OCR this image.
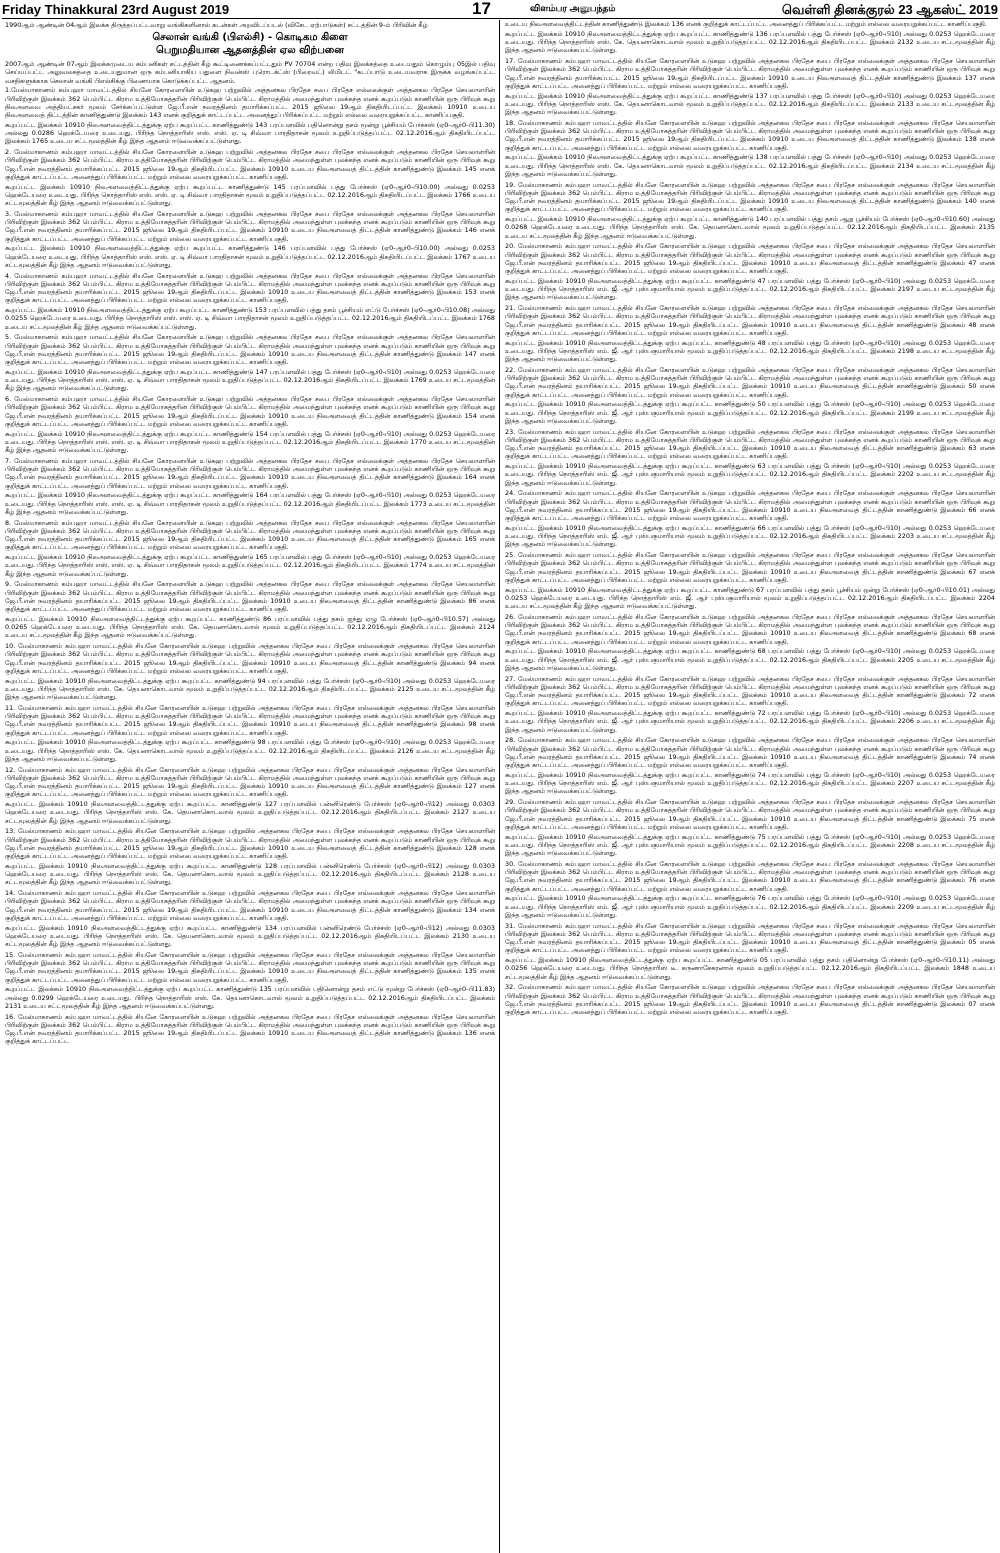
Friday Thinakkural 23rd August 2019	17	விளம்பர அனுபந்தம்	வெள்ளி தினக்குரல் 23 ஆகஸ்ட் 2019
1990ஆம் ஆண்டின் 04ஆம் இலக்க திருத்தப்பட்டவாறு வங்கிகளினால் கடன்கள் அறவிடப்படல் (விசேட ஏற்பாடுகள்) சட்டத்தின் 9-ம் பிரிவின் கீழ்
செலான் வங்கி (பிஎல்சி) - கொடிகம கிளை
பெறுமதியான ஆதனத்தின் ஏல விற்பனை
2007ஆம் ஆண்டின் 07ஆம் இலக்கமுடைய கம்பனிகள் சட்டத்தின் கீழ் கூட்டிணைக்கப்பட்டதும் PV 70704 என்ற பதிவு இலக்கத்தை உடையதும் கொழும்பு 05இல் பதிவு செய்யப்பட்ட அலுவலகத்தை உடையதுமான ஒரு கம்பனியாகிய பதுளை நிவன்ஸ் புரொடக்ட்ஸ் (பிரைவட்) லிமிடட் "கடப்பாடு உடையவராக இருக்க வழங்கப்பட்ட வசதிகளுக்காக செலான் வங்கி பிஎல்சிக்கு பிணையாக கொடுக்கப்பட்ட ஆதனம்.
1.மேல்மாகாணம் கம்பஹா மாவட்டத்தில் சியனே கோரளையின் உடுகஹ பற்றுவில் அத்தனகல பிரதேச சபை பிரதேச எல்லைக்குள் அத்தனகல பிரதேச செயலாளரின் பிரிவிற்குள் இலக்கம் 362 பெம்பிட்ட கிராம உத்தியோகத்தரின் பிரிவிற்குள் பெம்பிட்ட கிராமத்தில் அமைந்துள்ள புலக்கந்த எனக் கூறப்படும் காணியின் ஒரு பிரிவுக் கூறு நிலஅளவை அத்தியட்சகர் மூலம் சேர்க்கப்பட்டுள்ள ஜே.பீ.என் நவரத்தினம் தயாரிக்கப்பட்ட 2015 ஜூலை 19ஆம் திகதியிடப்பட்ட இலக்கம் 10910 உடைய நிலஅளவைத் திட்டத்தின் காணித்துண்டு இலக்கம் 143 எனக் குறித்துக் காட்டப்பட்ட அனைத்துப் பிரிக்கப்பட்ட மற்றும் எல்லை வரையறுக்கப்பட்ட காணிப்பகுதி.
கூறப்பட்ட இலக்கம் 10910 நிலஅளவைத்திட்டத்துக்கு ஏற்ப கூறப்பட்ட காணித்துண்டு 143 பரப்பளவில் பதினொன்று தசம் மூன்று பூச்சியம் பேர்ச்சஸ் (ஏ0-ஆர்0-பி11.30) அல்லது 0.0286 ஹெக்டேயரை உடையது. பிரிந்த நொத்தாரிஸ் எஸ். எஸ். ஏ. டி சிவ்வா பாரதிதாசன் மூலம் உறுதிப்படுத்தப்பட்ட 02.12.2016ஆம் திகதியிடப்பட்ட இலக்கம் 1765 உடைய சட்டமூலத்தின் கீழ் இந்த ஆதனம் ஈடுவைக்கப்பட்டுள்ளது.
2. மேல்மாகாணம் கம்பஹா மாவட்டத்தில் சியனே கோரளையின் உடுகஹ பற்றுவில் அத்தனகல பிரதேச சபை பிரதேச எல்லைக்குள் அத்தனகல பிரதேச செயலாளரின் பிரிவிற்குள் இலக்கம் 362 பெம்பிட்ட கிராம உத்தியோகத்தரின் பிரிவிற்குள் பெம்பிட்ட கிராமத்தில் அமைந்துள்ள புலக்கந்த எனக் கூறப்படும் காணியின் ஒரு பிரிவுக் கூறு ஜே.பீ.என் நவரத்தினம் தயாரிக்கப்பட்ட 2015 ஜூலை 19ஆம் திகதியிடப்பட்ட இலக்கம் 10910 உடைய நிலஅளவைத் திட்டத்தின் காணித்துண்டு இலக்கம் 145 எனக் குறித்துக் காட்டப்பட்ட அனைத்துப் பிரிக்கப்பட்ட மற்றும் எல்லை வரையறுக்கப்பட்ட காணிப்பகுதி.
கூறப்பட்ட இலக்கம் 10910 நிலஅளவைத்திட்டத்துக்கு ஏற்ப கூறப்பட்ட காணித்துண்டு 145 பரப்பளவில் பத்து பேர்ச்சஸ் (ஏ0-ஆர்0-பி10.00) அல்லது 0.0253 ஹெக்டேயரை உடையது. பிரிந்த நொத்தாரிஸ் எஸ். எஸ். ஏ. டி சிவ்வா பாரதிதாசன் மூலம் உறுதிப்படுத்தப்பட்ட 02.12.2016ஆம் திகதியிடப்பட்ட இலக்கம் 1766 உடைய சட்டமூலத்தின் கீழ் இந்த ஆதனம் ஈடுவைக்கப்பட்டுள்ளது.
3. மேல்மாகாணம் கம்பஹா மாவட்டத்தில் சியனே கோரளையின் உடுகஹ பற்றுவில் அத்தனகல பிரதேச சபை பிரதேச எல்லைக்குள் அத்தனகல பிரதேச செயலாளரின் பிரிவிற்குள் இலக்கம் 362 பெம்பிட்ட கிராம உத்தியோகத்தரின் பிரிவிற்குள் பெம்பிட்ட கிராமத்தில் அமைந்துள்ள புலக்கந்த எனக் கூறப்படும் காணியின் ஒரு பிரிவுக் கூறு ஜே.பீ.என் நவரத்தினம் தயாரிக்கப்பட்ட 2015 ஜூலை 19ஆம் திகதியிடப்பட்ட இலக்கம் 10910 உடைய நிலஅளவைத் திட்டத்தின் காணித்துண்டு இலக்கம் 146 எனக் குறித்துக் காட்டப்பட்ட அனைத்துப் பிரிக்கப்பட்ட மற்றும் எல்லை வரையறுக்கப்பட்ட காணிப்பகுதி.
கூறப்பட்ட இலக்கம் 10910 நிலஅளவைத்திட்டத்துக்கு ஏற்ப கூறப்பட்ட காணித்துண்டு 146 பரப்பளவில் பத்து பேர்ச்சஸ் (ஏ0-ஆர்0-பி10.00) அல்லது 0.0253 ஹெக்டேயரை உடையது. பிரிந்த நொத்தாரிஸ் எஸ். எஸ். ஏ. டி சிவ்வா பாரதிதாசன் மூலம் உறுதிப்படுத்தப்பட்ட 02.12.2016ஆம் திகதியிடப்பட்ட இலக்கம் 1767 உடைய சட்டமூலத்தின் கீழ் இந்த ஆதனம் ஈடுவைக்கப்பட்டுள்ளது.
4. மேல்மாகாணம் கம்பஹா மாவட்டத்தில் சியனே கோரளையின் உடுகஹ பற்றுவில் அத்தனகல பிரதேச சபை பிரதேச எல்லைக்குள் அத்தனகல பிரதேச செயலாளரின் பிரிவிற்குள் இலக்கம் 362 பெம்பிட்ட கிராம உத்தியோகத்தரின் பிரிவிற்குள் பெம்பிட்ட கிராமத்தில் அமைந்துள்ள புலக்கந்த எனக் கூறப்படும் காணியின் ஒரு பிரிவுக் கூறு ஜே.பீ.என் நவரத்தினம் தயாரிக்கப்பட்ட 2015 ஜூலை 19ஆம் திகதியிடப்பட்ட இலக்கம் 10910 உடைய நிலஅளவைத் திட்டத்தின் காணித்துண்டு இலக்கம் 153 எனக் குறித்துக் காட்டப்பட்ட அனைத்துப் பிரிக்கப்பட்ட மற்றும் எல்லை வரையறுக்கப்பட்ட காணிப்பகுதி.
கூறப்பட்ட இலக்கம் 10910 நிலஅளவைத்திட்டத்துக்கு ஏற்ப கூறப்பட்ட காணித்துண்டு 153 பரப்பளவில் பத்து தசம் பூச்சியம் எட்டு பேர்ச்சஸ் (ஏ0-ஆர்0-பி10.08) அல்லது 0.0255 ஹெக்டேயரை உடையது. பிரிந்த நொத்தாரிஸ் எஸ். எஸ். ஏ. டி சிவ்வா பாரதிதாசன் மூலம் உறுதிப்படுத்தப்பட்ட 02.12.2016ஆம் திகதியிடப்பட்ட இலக்கம் 1768 உடைய சட்டமூலத்தின் கீழ் இந்த ஆதனம் ஈடுவைக்கப்பட்டுள்ளது.
5. மேல்மாகாணம் கம்பஹா மாவட்டத்தில் சியனே கோரளையின் உடுகஹ பற்றுவில் அத்தனகல பிரதேச சபை பிரதேச எல்லைக்குள் அத்தனகல பிரதேச செயலாளரின் பிரிவிற்குள் இலக்கம் 362 பெம்பிட்ட கிராம உத்தியோகத்தரின் பிரிவிற்குள் பெம்பிட்ட கிராமத்தில் அமைந்துள்ள புலக்கந்த எனக் கூறப்படும் காணியின் ஒரு பிரிவுக் கூறு ஜே.பீ.என் நவரத்தினம் தயாரிக்கப்பட்ட 2015 ஜூலை 19ஆம் திகதியிடப்பட்ட இலக்கம் 10910 உடைய நிலஅளவைத் திட்டத்தின் காணித்துண்டு இலக்கம் 147 எனக் குறித்துக் காட்டப்பட்ட அனைத்துப் பிரிக்கப்பட்ட மற்றும் எல்லை வரையறுக்கப்பட்ட காணிப்பகுதி.
கூறப்பட்ட இலக்கம் 10910 நிலஅளவைத்திட்டத்துக்கு ஏற்ப கூறப்பட்ட காணித்துண்டு 147 பரப்பளவில் பத்து பேர்ச்சஸ் (ஏ0-ஆர்0-பி10) அல்லது 0.0253 ஹெக்டேயரை உடையது. பிரிந்த நொத்தாரிஸ் எஸ். எஸ். ஏ. டி சிவ்வா பாரதிதாசன் மூலம் உறுதிப்படுத்தப்பட்ட 02.12.2016ஆம் திகதியிடப்பட்ட இலக்கம் 1769 உடைய சட்டமூலத்தின் கீழ் இந்த ஆதனம் ஈடுவைக்கப்பட்டுள்ளது.
6. மேல்மாகாணம் கம்பஹா மாவட்டத்தில் சியனே கோரளையின் உடுகஹ பற்றுவில் அத்தனகல பிரதேச சபை பிரதேச எல்லைக்குள் அத்தனகல பிரதேச செயலாளரின் பிரிவிற்குள் இலக்கம் 362 பெம்பிட்ட கிராம உத்தியோகத்தரின் பிரிவிற்குள் பெம்பிட்ட கிராமத்தில் அமைந்துள்ள புலக்கந்த எனக் கூறப்படும் காணியின் ஒரு பிரிவுக் கூறு ஜே.பீ.என் நவரத்தினம் தயாரிக்கப்பட்ட 2015 ஜூலை 19ஆம் திகதியிடப்பட்ட இலக்கம் 10910 உடைய நிலஅளவைத் திட்டத்தின் காணித்துண்டு இலக்கம் 154 எனக் குறித்துக் காட்டப்பட்ட அனைத்துப் பிரிக்கப்பட்ட மற்றும் எல்லை வரையறுக்கப்பட்ட காணிப்பகுதி.
கூறப்பட்ட இலக்கம் 10910 நிலஅளவைத்திட்டத்துக்கு ஏற்ப கூறப்பட்ட காணித்துண்டு 154 பரப்பளவில் பத்து பேர்ச்சஸ் (ஏ0-ஆர்0-பி10) அல்லது 0.0253 ஹெக்டேயரை உடையது. பிரிந்த நொத்தாரிஸ் எஸ். எஸ். ஏ. டி சிவ்வா பாரதிதாசன் மூலம் உறுதிப்படுத்தப்பட்ட 02.12.2016ஆம் திகதியிடப்பட்ட இலக்கம் 1770 உடைய சட்டமூலத்தின் கீழ் இந்த ஆதனம் ஈடுவைக்கப்பட்டுள்ளது.
7. மேல்மாகாணம் கம்பஹா மாவட்டத்தில் சியனே கோரளையின் உடுகஹ பற்றுவில் அத்தனகல பிரதேச சபை பிரதேச எல்லைக்குள் அத்தனகல பிரதேச செயலாளரின் பிரிவிற்குள் இலக்கம் 362 பெம்பிட்ட கிராம உத்தியோகத்தரின் பிரிவிற்குள் பெம்பிட்ட கிராமத்தில் அமைந்துள்ள புலக்கந்த எனக் கூறப்படும் காணியின் ஒரு பிரிவுக் கூறு ஜே.பீ.என் நவரத்தினம் தயாரிக்கப்பட்ட 2015 ஜூலை 19ஆம் திகதியிடப்பட்ட இலக்கம் 10910 உடைய நிலஅளவைத் திட்டத்தின் காணித்துண்டு இலக்கம் 164 எனக் குறித்துக் காட்டப்பட்ட அனைத்துப் பிரிக்கப்பட்ட மற்றும் எல்லை வரையறுக்கப்பட்ட காணிப்பகுதி.
கூறப்பட்ட இலக்கம் 10910 நிலஅளவைத்திட்டத்துக்கு ஏற்ப கூறப்பட்ட காணித்துண்டு 164 பரப்பளவில் பத்து பேர்ச்சஸ் (ஏ0-ஆர்0-பி10) அல்லது 0.0253 ஹெக்டேயரை உடையது. பிரிந்த நொத்தாரிஸ் எஸ். எஸ். ஏ. டி சிவ்வா பாரதிதாசன் மூலம் உறுதிப்படுத்தப்பட்ட 02.12.2016ஆம் திகதியிடப்பட்ட இலக்கம் 1773 உடைய சட்டமூலத்தின் கீழ் இந்த ஆதனம் ஈடுவைக்கப்பட்டுள்ளது.
8. மேல்மாகாணம் கம்பஹா மாவட்டத்தில் சியனே கோரளையின் உடுகஹ பற்றுவில் அத்தனகல பிரதேச சபை பிரதேச எல்லைக்குள் அத்தனகல பிரதேச செயலாளரின் பிரிவிற்குள் இலக்கம் 362 பெம்பிட்ட கிராம உத்தியோகத்தரின் பிரிவிற்குள் பெம்பிட்ட கிராமத்தில் அமைந்துள்ள புலக்கந்த எனக் கூறப்படும் காணியின் ஒரு பிரிவுக் கூறு ஜே.பீ.என் நவரத்தினம் தயாரிக்கப்பட்ட 2015 ஜூலை 19ஆம் திகதியிடப்பட்ட இலக்கம் 10910 உடைய நிலஅளவைத் திட்டத்தின் காணித்துண்டு இலக்கம் 165 எனக் குறித்துக் காட்டப்பட்ட அனைத்துப் பிரிக்கப்பட்ட மற்றும் எல்லை வரையறுக்கப்பட்ட காணிப்பகுதி.
கூறப்பட்ட இலக்கம் 10910 நிலஅளவைத்திட்டத்துக்கு ஏற்ப கூறப்பட்ட காணித்துண்டு 165 பரப்பளவில் பத்து பேர்ச்சஸ் (ஏ0-ஆர்0-பி10) அல்லது 0.0253 ஹெக்டேயரை உடையது. பிரிந்த நொத்தாரிஸ் எஸ். எஸ். ஏ. டி சிவ்வா பாரதிதாசன் மூலம் உறுதிப்படுத்தப்பட்ட 02.12.2016ஆம் திகதியிடப்பட்ட இலக்கம் 1774 உடைய சட்டமூலத்தின் கீழ் இந்த ஆதனம் ஈடுவைக்கப்பட்டுள்ளது.
9. மேல்மாகாணம் கம்பஹா மாவட்டத்தில் சியனே கோரளையின் உடுகஹ பற்றுவில் அத்தனகல பிரதேச சபை பிரதேச எல்லைக்குள் அத்தனகல பிரதேச செயலாளரின் பிரிவிற்குள் இலக்கம் 362 பெம்பிட்ட கிராம உத்தியோகத்தரின் பிரிவிற்குள் பெம்பிட்ட கிராமத்தில் அமைந்துள்ள புலக்கந்த எனக் கூறப்படும் காணியின் ஒரு பிரிவுக் கூறு ஜே.பீ.என் நவரத்தினம் தயாரிக்கப்பட்ட 2015 ஜூலை 19ஆம் திகதியிடப்பட்ட இலக்கம் 10910 உடைய நிலஅளவைத் திட்டத்தின் காணித்துண்டு இலக்கம் 86 எனக் குறித்துக் காட்டப்பட்ட அனைத்துப் பிரிக்கப்பட்ட மற்றும் எல்லை வரையறுக்கப்பட்ட காணிப்பகுதி.
கூறப்பட்ட இலக்கம் 10910 நிலஅளவைத்திட்டத்துக்கு ஏற்ப கூறப்பட்ட காணித்துண்டு 86 பரப்பளவில் பத்து தசம் ஐந்து ஏழு பேர்ச்சஸ் (ஏ0-ஆர்0-பி10.57) அல்லது 0.0265 ஹெக்டேயரை உடையது. பிரிந்த நொத்தாரிஸ் எஸ். கே. தெயனாகொடவால் மூலம் உறுதிப்படுத்தப்பட்ட 02.12.2016ஆம் திகதியிடப்பட்ட இலக்கம் 2124 உடைய சட்டமூலத்தின் கீழ் இந்த ஆதனம் ஈடுவைக்கப்பட்டுள்ளது.
10. மேல்மாகாணம் கம்பஹா மாவட்டத்தில் சியனே கோரளையின் உடுகஹ பற்றுவில் அத்தனகல பிரதேச சபை பிரதேச எல்லைக்குள் அத்தனகல பிரதேச செயலாளரின் பிரிவிற்குள் இலக்கம் 362 பெம்பிட்ட கிராம உத்தியோகத்தரின் பிரிவிற்குள் பெம்பிட்ட கிராமத்தில் அமைந்துள்ள புலக்கந்த எனக் கூறப்படும் காணியின் ஒரு பிரிவுக் கூறு ஜே.பீ.என் நவரத்தினம் தயாரிக்கப்பட்ட 2015 ஜூலை 19ஆம் திகதியிடப்பட்ட இலக்கம் 10910 உடைய நிலஅளவைத் திட்டத்தின் காணித்துண்டு இலக்கம் 94 எனக் குறித்துக் காட்டப்பட்ட அனைத்துப் பிரிக்கப்பட்ட மற்றும் எல்லை வரையறுக்கப்பட்ட காணிப்பகுதி.
கூறப்பட்ட இலக்கம் 10910 நிலஅளவைத்திட்டத்துக்கு ஏற்ப கூறப்பட்ட காணித்துண்டு 94 பரப்பளவில் பத்து பேர்ச்சஸ் (ஏ0-ஆர்0-பி10) அல்லது 0.0253 ஹெக்டேயரை உடையது. பிரிந்த நொத்தாரிஸ் எஸ். கே. தெயனாகொடவால் மூலம் உறுதிப்படுத்தப்பட்ட 02.12.2016ஆம் திகதியிடப்பட்ட இலக்கம் 2125 உடைய சட்டமூலத்தின் கீழ் இந்த ஆதனம் ஈடுவைக்கப்பட்டுள்ளது.
11. மேல்மாகாணம் கம்பஹா மாவட்டத்தில் சியனே கோரளையின் உடுகஹ பற்றுவில் அத்தனகல பிரதேச சபை பிரதேச எல்லைக்குள் அத்தனகல பிரதேச செயலாளரின் பிரிவிற்குள் இலக்கம் 362 பெம்பிட்ட கிராம உத்தியோகத்தரின் பிரிவிற்குள் பெம்பிட்ட கிராமத்தில் அமைந்துள்ள புலக்கந்த எனக் கூறப்படும் காணியின் ஒரு பிரிவுக் கூறு ஜே.பீ.என் நவரத்தினம் தயாரிக்கப்பட்ட 2015 ஜூலை 19ஆம் திகதியிடப்பட்ட இலக்கம் 10910 உடைய நிலஅளவைத் திட்டத்தின் காணித்துண்டு இலக்கம் 98 எனக் குறித்துக் காட்டப்பட்ட அனைத்துப் பிரிக்கப்பட்ட மற்றும் எல்லை வரையறுக்கப்பட்ட காணிப்பகுதி.
கூறப்பட்ட இலக்கம் 10910 நிலஅளவைத்திட்டத்துக்கு ஏற்ப கூறப்பட்ட காணித்துண்டு 98 பரப்பளவில் பத்து பேர்ச்சஸ் (ஏ0-ஆர்0-பி10) அல்லது 0.0253 ஹெக்டேயரை உடையது. பிரிந்த நொத்தாரிஸ் எஸ். கே. தெயனாகொடவால் மூலம் உறுதிப்படுத்தப்பட்ட 02.12.2016ஆம் திகதியிடப்பட்ட இலக்கம் 2126 உடைய சட்டமூலத்தின் கீழ் இந்த ஆதனம் ஈடுவைக்கப்பட்டுள்ளது.
12. மேல்மாகாணம் கம்பஹா மாவட்டத்தில் சியனே கோரளையின் உடுகஹ பற்றுவில் அத்தனகல பிரதேச சபை பிரதேச எல்லைக்குள் அத்தனகல பிரதேச செயலாளரின் பிரிவிற்குள் இலக்கம் 362 பெம்பிட்ட கிராம உத்தியோகத்தரின் பிரிவிற்குள் பெம்பிட்ட கிராமத்தில் அமைந்துள்ள புலக்கந்த எனக் கூறப்படும் காணியின் ஒரு பிரிவுக் கூறு ஜே.பீ.என் நவரத்தினம் தயாரிக்கப்பட்ட 2015 ஜூலை 19ஆம் திகதியிடப்பட்ட இலக்கம் 10910 உடைய நிலஅளவைத் திட்டத்தின் காணித்துண்டு இலக்கம் 127 எனக் குறித்துக் காட்டப்பட்ட அனைத்துப் பிரிக்கப்பட்ட மற்றும் எல்லை வரையறுக்கப்பட்ட காணிப்பகுதி.
கூறப்பட்ட இலக்கம் 10910 நிலஅளவைத்திட்டத்துக்கு ஏற்ப கூறப்பட்ட காணித்துண்டு 127 பரப்பளவில் பன்னிரெண்டு பேர்ச்சஸ் (ஏ0-ஆர்0-பி12) அல்லது 0.0303 ஹெக்டேயரை உடையது. பிரிந்த நொத்தாரிஸ் எஸ். கே. தெயனாகொடவால் மூலம் உறுதிப்படுத்தப்பட்ட 02.12.2016ஆம் திகதியிடப்பட்ட இலக்கம் 2127 உடைய சட்டமூலத்தின் கீழ் இந்த ஆதனம் ஈடுவைக்கப்பட்டுள்ளது.
13. மேல்மாகாணம் கம்பஹா மாவட்டத்தில் சியனே கோரளையின் உடுகஹ பற்றுவில் அத்தனகல பிரதேச சபை பிரதேச எல்லைக்குள் அத்தனகல பிரதேச செயலாளரின் பிரிவிற்குள் இலக்கம் 362 பெம்பிட்ட கிராம உத்தியோகத்தரின் பிரிவிற்குள் பெம்பிட்ட கிராமத்தில் அமைந்துள்ள புலக்கந்த எனக் கூறப்படும் காணியின் ஒரு பிரிவுக் கூறு ஜே.பீ.என் நவரத்தினம் தயாரிக்கப்பட்ட 2015 ஜூலை 19ஆம் திகதியிடப்பட்ட இலக்கம் 10910 உடைய நிலஅளவைத் திட்டத்தின் காணித்துண்டு இலக்கம் 128 எனக் குறித்துக் காட்டப்பட்ட அனைத்துப் பிரிக்கப்பட்ட மற்றும் எல்லை வரையறுக்கப்பட்ட காணிப்பகுதி.
கூறப்பட்ட இலக்கம் 10910 நிலஅளவைத்திட்டத்துக்கு ஏற்ப கூறப்பட்ட காணித்துண்டு 128 பரப்பளவில் பன்னிரெண்டு பேர்ச்சஸ் (ஏ0-ஆர்0-பி12) அல்லது 0.0303 ஹெக்டேயரை உடையது. பிரிந்த நொத்தாரிஸ் எஸ். கே. தெயனாகொடவால் மூலம் உறுதிப்படுத்தப்பட்ட 02.12.2016ஆம் திகதியிடப்பட்ட இலக்கம் 2128 உடைய சட்டமூலத்தின் கீழ் இந்த ஆதனம் ஈடுவைக்கப்பட்டுள்ளது.
14. மேல்மாகாணம் கம்பஹா மாவட்டத்தில் சியனே கோரளையின் உடுகஹ பற்றுவில் அத்தனகல பிரதேச சபை பிரதேச எல்லைக்குள் அத்தனகல பிரதேச செயலாளரின் பிரிவிற்குள் இலக்கம் 362 பெம்பிட்ட கிராம உத்தியோகத்தரின் பிரிவிற்குள் பெம்பிட்ட கிராமத்தில் அமைந்துள்ள புலக்கந்த எனக் கூறப்படும் காணியின் ஒரு பிரிவுக் கூறு ஜே.பீ.என் நவரத்தினம் தயாரிக்கப்பட்ட 2015 ஜூலை 19ஆம் திகதியிடப்பட்ட இலக்கம் 10910 உடைய நிலஅளவைத் திட்டத்தின் காணித்துண்டு இலக்கம் 134 எனக் குறித்துக் காட்டப்பட்ட அனைத்துப் பிரிக்கப்பட்ட மற்றும் எல்லை வரையறுக்கப்பட்ட காணிப்பகுதி.
கூறப்பட்ட இலக்கம் 10910 நிலஅளவைத்திட்டத்துக்கு ஏற்ப கூறப்பட்ட காணித்துண்டு 134 பரப்பளவில் பன்னிரெண்டு பேர்ச்சஸ் (ஏ0-ஆர்0-பி12) அல்லது 0.0303 ஹெக்டேயரை உடையது. பிரிந்த நொத்தாரிஸ் எஸ். கே. தெயனாகொடவால் மூலம் உறுதிப்படுத்தப்பட்ட 02.12.2016ஆம் திகதியிடப்பட்ட இலக்கம் 2130 உடைய சட்டமூலத்தின் கீழ் இந்த ஆதனம் ஈடுவைக்கப்பட்டுள்ளது.
15. மேல்மாகாணம் கம்பஹா மாவட்டத்தில் சியனே கோரளையின் உடுகஹ பற்றுவில் அத்தனகல பிரதேச சபை பிரதேச எல்லைக்குள் அத்தனகல பிரதேச செயலாளரின் பிரிவிற்குள் இலக்கம் 362 பெம்பிட்ட கிராம உத்தியோகத்தரின் பிரிவிற்குள் பெம்பிட்ட கிராமத்தில் அமைந்துள்ள புலக்கந்த எனக் கூறப்படும் காணியின் ஒரு பிரிவுக் கூறு ஜே.பீ.என் நவரத்தினம் தயாரிக்கப்பட்ட 2015 ஜூலை 19ஆம் திகதியிடப்பட்ட இலக்கம் 10910 உடைய நிலஅளவைத் திட்டத்தின் காணித்துண்டு இலக்கம் 135 எனக் குறித்துக் காட்டப்பட்ட அனைத்துப் பிரிக்கப்பட்ட மற்றும் எல்லை வரையறுக்கப்பட்ட காணிப்பகுதி.
கூறப்பட்ட இலக்கம் 10910 நிலஅளவைத்திட்டத்துக்கு ஏற்ப கூறப்பட்ட காணித்துண்டு 135 பரப்பளவில் பதினொன்று தசம் எட்டு மூன்று பேர்ச்சஸ் (ஏ0-ஆர்0-பி11.83) அல்லது 0.0299 ஹெக்டேயரை உடையது. பிரிந்த நொத்தாரிஸ் எஸ். கே. தெயனாகொடவால் மூலம் உறுதிப்படுத்தப்பட்ட 02.12.2016ஆம் திகதியிடப்பட்ட இலக்கம் 2131 உடைய சட்டமூலத்தின் கீழ் இந்த ஆதனம் ஈடுவைக்கப்பட்டுள்ளது.
16. மேல்மாகாணம் கம்பஹா மாவட்டத்தில் சியனே கோரளையின் உடுகஹ பற்றுவில் அத்தனகல பிரதேச சபை பிரதேச எல்லைக்குள் அத்தனகல பிரதேச செயலாளரின் பிரிவிற்குள் இலக்கம் 362 பெம்பிட்ட கிராம உத்தியோகத்தரின் பிரிவிற்குள் பெம்பிட்ட கிராமத்தில் அமைந்துள்ள புலக்கந்த எனக் கூறப்படும் காணியின் ஒரு பிரிவுக் கூறு ஜே.பீ.என் நவரத்தினம் தயாரிக்கப்பட்ட 2015 ஜூலை 19ஆம் திகதியிடப்பட்ட இலக்கம் 10910 உடைய நிலஅளவைத் திட்டத்தின் காணித்துண்டு இலக்கம் 136 எனக் குறித்துக் காட்டப்பட்ட
உடைய நிலஅளவைத்திட்டத்தின் காணித்துண்டு இலக்கம் 136 எனக் குறித்துக் காட்டப்பட்ட அனைத்துப் பிரிக்கப்பட்ட மற்றும் எல்லை வரையறுக்கப்பட்ட காணிப்பகுதி.
கூறப்பட்ட இலக்கம் 10910 நிலஅளவைத்திட்டத்துக்கு ஏற்ப கூறப்பட்ட காணித்துண்டு 136 பரப்பளவில் பத்து பேர்ச்சஸ் (ஏ0-ஆர்0-பி10) அல்லது 0.0253 ஹெக்டேயரை உடையது. பிரிந்த நொத்தாரிஸ் எஸ். கே. தெயனாகொடவால் மூலம் உறுதிப்படுத்தப்பட்ட 02.12.2016ஆம் திகதியிடப்பட்ட இலக்கம் 2132 உடைய சட்டமூலத்தின் கீழ் இந்த ஆதனம் ஈடுவைக்கப்பட்டுள்ளது.
17. மேல்மாகாணம் கம்பஹா மாவட்டத்தில் சியனே கோரளையின் உடுகஹ பற்றுவில் அத்தனகல பிரதேச சபை பிரதேச எல்லைக்குள் அத்தனகல பிரதேச செயலாளரின் பிரிவிற்குள் இலக்கம் 362 பெம்பிட்ட கிராம உத்தியோகத்தரின் பிரிவிற்குள் பெம்பிட்ட கிராமத்தில் அமைந்துள்ள புலக்கந்த எனக் கூறப்படும் காணியின் ஒரு பிரிவுக் கூறு ஜே.பீ.என் நவரத்தினம் தயாரிக்கப்பட்ட 2015 ஜூலை 19ஆம் திகதியிடப்பட்ட இலக்கம் 10910 உடைய நிலஅளவைத் திட்டத்தின் காணித்துண்டு இலக்கம் 137 எனக் குறித்துக் காட்டப்பட்ட அனைத்துப் பிரிக்கப்பட்ட மற்றும் எல்லை வரையறுக்கப்பட்ட காணிப்பகுதி.
கூறப்பட்ட இலக்கம் 10910 நிலஅளவைத்திட்டத்துக்கு ஏற்ப கூறப்பட்ட காணித்துண்டு 137 பரப்பளவில் பத்து பேர்ச்சஸ் (ஏ0-ஆர்0-பி10) அல்லது 0.0253 ஹெக்டேயரை உடையது. பிரிந்த நொத்தாரிஸ் எஸ். கே. தெயனாகொடவால் மூலம் உறுதிப்படுத்தப்பட்ட 02.12.2016ஆம் திகதியிடப்பட்ட இலக்கம் 2133 உடைய சட்டமூலத்தின் கீழ் இந்த ஆதனம் ஈடுவைக்கப்பட்டுள்ளது.
18. மேல்மாகாணம் கம்பஹா மாவட்டத்தில் சியனே கோரளையின் உடுகஹ பற்றுவில் அத்தனகல பிரதேச சபை பிரதேச எல்லைக்குள் அத்தனகல பிரதேச செயலாளரின் பிரிவிற்குள் இலக்கம் 362 பெம்பிட்ட கிராம உத்தியோகத்தரின் பிரிவிற்குள் பெம்பிட்ட கிராமத்தில் அமைந்துள்ள புலக்கந்த எனக் கூறப்படும் காணியின் ஒரு பிரிவுக் கூறு ஜே.பீ.என் நவரத்தினம் தயாரிக்கப்பட்ட 2015 ஜூலை 19ஆம் திகதியிடப்பட்ட இலக்கம் 10910 உடைய நிலஅளவைத் திட்டத்தின் காணித்துண்டு இலக்கம் 138 எனக் குறித்துக் காட்டப்பட்ட அனைத்துப் பிரிக்கப்பட்ட மற்றும் எல்லை வரையறுக்கப்பட்ட காணிப்பகுதி.
கூறப்பட்ட இலக்கம் 10910 நிலஅளவைத்திட்டத்துக்கு ஏற்ப கூறப்பட்ட காணித்துண்டு 138 பரப்பளவில் பத்து பேர்ச்சஸ் (ஏ0-ஆர்0-பி10) அல்லது 0.0253 ஹெக்டேயரை உடையது. பிரிந்த நொத்தாரிஸ் எஸ். கே. தெயனாகொடவால் மூலம் உறுதிப்படுத்தப்பட்ட 02.12.2016ஆம் திகதியிடப்பட்ட இலக்கம் 2134 உடைய சட்டமூலத்தின் கீழ் இந்த ஆதனம் ஈடுவைக்கப்பட்டுள்ளது.
19. மேல்மாகாணம் கம்பஹா மாவட்டத்தில் சியனே கோரளையின் உடுகஹ பற்றுவில் அத்தனகல பிரதேச சபை பிரதேச எல்லைக்குள் அத்தனகல பிரதேச செயலாளரின் பிரிவிற்குள் இலக்கம் 362 பெம்பிட்ட கிராம உத்தியோகத்தரின் பிரிவிற்குள் பெம்பிட்ட கிராமத்தில் அமைந்துள்ள புலக்கந்த எனக் கூறப்படும் காணியின் ஒரு பிரிவுக் கூறு ஜே.பீ.என் நவரத்தினம் தயாரிக்கப்பட்ட 2015 ஜூலை 19ஆம் திகதியிடப்பட்ட இலக்கம் 10910 உடைய நிலஅளவைத் திட்டத்தின் காணித்துண்டு இலக்கம் 140 எனக் குறித்துக் காட்டப்பட்ட அனைத்துப் பிரிக்கப்பட்ட மற்றும் எல்லை வரையறுக்கப்பட்ட காணிப்பகுதி.
கூறப்பட்ட இலக்கம் 10910 நிலஅளவைத்திட்டத்துக்கு ஏற்ப கூறப்பட்ட காணித்துண்டு 140 பரப்பளவில் பத்து தசம் ஆறு பூச்சியம் பேர்ச்சஸ் (ஏ0-ஆர்0-பி10.60) அல்லது 0.0268 ஹெக்டேயரை உடையது. பிரிந்த நொத்தாரிஸ் எஸ். கே. தெயனாகொடவால் மூலம் உறுதிப்படுத்தப்பட்ட 02.12.2016ஆம் திகதியிடப்பட்ட இலக்கம் 2135 உடைய சட்டமூலத்தின் கீழ் இந்த ஆதனம் ஈடுவைக்கப்பட்டுள்ளது.
20. மேல்மாகாணம் கம்பஹா மாவட்டத்தில் சியனே கோரளையின் உடுகஹ பற்றுவில் அத்தனகல பிரதேச சபை பிரதேச எல்லைக்குள் அத்தனகல பிரதேச செயலாளரின் பிரிவிற்குள் இலக்கம் 362 பெம்பிட்ட கிராம உத்தியோகத்தரின் பிரிவிற்குள் பெம்பிட்ட கிராமத்தில் அமைந்துள்ள புலக்கந்த எனக் கூறப்படும் காணியின் ஒரு பிரிவுக் கூறு ஜே.பீ.என் நவரத்தினம் தயாரிக்கப்பட்ட 2015 ஜூலை 19ஆம் திகதியிடப்பட்ட இலக்கம் 10910 உடைய நிலஅளவைத் திட்டத்தின் காணித்துண்டு இலக்கம் 47 எனக் குறித்துக் காட்டப்பட்ட அனைத்துப் பிரிக்கப்பட்ட மற்றும் எல்லை வரையறுக்கப்பட்ட காணிப்பகுதி.
கூறப்பட்ட இலக்கம் 10910 நிலஅளவைத்திட்டத்துக்கு ஏற்ப கூறப்பட்ட காணித்துண்டு 47 பரப்பளவில் பத்து பேர்ச்சஸ் (ஏ0-ஆர்0-பி10) அல்லது 0.0253 ஹெக்டேயரை உடையது. பிரிந்த நொத்தாரிஸ் எம். ஜீ. ஆர் புஸ்பகுமாரியால் மூலம் உறுதிப்படுத்தப்பட்ட 02.12.2016ஆம் திகதியிடப்பட்ட இலக்கம் 2197 உடைய சட்டமூலத்தின் கீழ் இந்த ஆதனம் ஈடுவைக்கப்பட்டுள்ளது.
21. மேல்மாகாணம் கம்பஹா மாவட்டத்தில் சியனே கோரளையின் உடுகஹ பற்றுவில் அத்தனகல பிரதேச சபை பிரதேச எல்லைக்குள் அத்தனகல பிரதேச செயலாளரின் பிரிவிற்குள் இலக்கம் 362 பெம்பிட்ட கிராம உத்தியோகத்தரின் பிரிவிற்குள் பெம்பிட்ட கிராமத்தில் அமைந்துள்ள புலக்கந்த எனக் கூறப்படும் காணியின் ஒரு பிரிவுக் கூறு ஜே.பீ.என் நவரத்தினம் தயாரிக்கப்பட்ட 2015 ஜூலை 19ஆம் திகதியிடப்பட்ட இலக்கம் 10910 உடைய நிலஅளவைத் திட்டத்தின் காணித்துண்டு இலக்கம் 48 எனக் குறித்துக் காட்டப்பட்ட அனைத்துப் பிரிக்கப்பட்ட மற்றும் எல்லை வரையறுக்கப்பட்ட காணிப்பகுதி.
கூறப்பட்ட இலக்கம் 10910 நிலஅளவைத்திட்டத்துக்கு ஏற்ப கூறப்பட்ட காணித்துண்டு 48 பரப்பளவில் பத்து பேர்ச்சஸ் (ஏ0-ஆர்0-பி10) அல்லது 0.0253 ஹெக்டேயரை உடையது. பிரிந்த நொத்தாரிஸ் எம். ஜீ. ஆர் புஸ்பகுமாரியால் மூலம் உறுதிப்படுத்தப்பட்ட 02.12.2016ஆம் திகதியிடப்பட்ட இலக்கம் 2198 உடைய சட்டமூலத்தின் கீழ் இந்த ஆதனம் ஈடுவைக்கப்பட்டுள்ளது.
22. மேல்மாகாணம் கம்பஹா மாவட்டத்தில் சியனே கோரளையின் உடுகஹ பற்றுவில் அத்தனகல பிரதேச சபை பிரதேச எல்லைக்குள் அத்தனகல பிரதேச செயலாளரின் பிரிவிற்குள் இலக்கம் 362 பெம்பிட்ட கிராம உத்தியோகத்தரின் பிரிவிற்குள் பெம்பிட்ட கிராமத்தில் அமைந்துள்ள புலக்கந்த எனக் கூறப்படும் காணியின் ஒரு பிரிவுக் கூறு ஜே.பீ.என் நவரத்தினம் தயாரிக்கப்பட்ட 2015 ஜூலை 19ஆம் திகதியிடப்பட்ட இலக்கம் 10910 உடைய நிலஅளவைத் திட்டத்தின் காணித்துண்டு இலக்கம் 50 எனக் குறித்துக் காட்டப்பட்ட அனைத்துப் பிரிக்கப்பட்ட மற்றும் எல்லை வரையறுக்கப்பட்ட காணிப்பகுதி.
கூறப்பட்ட இலக்கம் 10910 நிலஅளவைத்திட்டத்துக்கு ஏற்ப கூறப்பட்ட காணித்துண்டு 50 பரப்பளவில் பத்து பேர்ச்சஸ் (ஏ0-ஆர்0-பி10) அல்லது 0.0253 ஹெக்டேயரை உடையது. பிரிந்த நொத்தாரிஸ் எம். ஜீ. ஆர் புஸ்பகுமாரியால் மூலம் உறுதிப்படுத்தப்பட்ட 02.12.2016ஆம் திகதியிடப்பட்ட இலக்கம் 2199 உடைய சட்டமூலத்தின் கீழ் இந்த ஆதனம் ஈடுவைக்கப்பட்டுள்ளது.
23. மேல்மாகாணம் கம்பஹா மாவட்டத்தில் சியனே கோரளையின் உடுகஹ பற்றுவில் அத்தனகல பிரதேச சபை பிரதேச எல்லைக்குள் அத்தனகல பிரதேச செயலாளரின் பிரிவிற்குள் இலக்கம் 362 பெம்பிட்ட கிராம உத்தியோகத்தரின் பிரிவிற்குள் பெம்பிட்ட கிராமத்தில் அமைந்துள்ள புலக்கந்த எனக் கூறப்படும் காணியின் ஒரு பிரிவுக் கூறு ஜே.பீ.என் நவரத்தினம் தயாரிக்கப்பட்ட 2015 ஜூலை 19ஆம் திகதியிடப்பட்ட இலக்கம் 10910 உடைய நிலஅளவைத் திட்டத்தின் காணித்துண்டு இலக்கம் 63 எனக் குறித்துக் காட்டப்பட்ட அனைத்துப் பிரிக்கப்பட்ட மற்றும் எல்லை வரையறுக்கப்பட்ட காணிப்பகுதி.
கூறப்பட்ட இலக்கம் 10910 நிலஅளவைத்திட்டத்துக்கு ஏற்ப கூறப்பட்ட காணித்துண்டு 63 பரப்பளவில் பத்து பேர்ச்சஸ் (ஏ0-ஆர்0-பி10) அல்லது 0.0253 ஹெக்டேயரை உடையது. பிரிந்த நொத்தாரிஸ் எம். ஜீ. ஆர் புஸ்பகுமாரியால் மூலம் உறுதிப்படுத்தப்பட்ட 02.12.2016ஆம் திகதியிடப்பட்ட இலக்கம் 2202 உடைய சட்டமூலத்தின் கீழ் இந்த ஆதனம் ஈடுவைக்கப்பட்டுள்ளது.
24. மேல்மாகாணம் கம்பஹா மாவட்டத்தில் சியனே கோரளையின் உடுகஹ பற்றுவில் அத்தனகல பிரதேச சபை பிரதேச எல்லைக்குள் அத்தனகல பிரதேச செயலாளரின் பிரிவிற்குள் இலக்கம் 362 பெம்பிட்ட கிராம உத்தியோகத்தரின் பிரிவிற்குள் பெம்பிட்ட கிராமத்தில் அமைந்துள்ள புலக்கந்த எனக் கூறப்படும் காணியின் ஒரு பிரிவுக் கூறு ஜே.பீ.என் நவரத்தினம் தயாரிக்கப்பட்ட 2015 ஜூலை 19ஆம் திகதியிடப்பட்ட இலக்கம் 10910 உடைய நிலஅளவைத் திட்டத்தின் காணித்துண்டு இலக்கம் 66 எனக் குறித்துக் காட்டப்பட்ட அனைத்துப் பிரிக்கப்பட்ட மற்றும் எல்லை வரையறுக்கப்பட்ட காணிப்பகுதி.
கூறப்பட்ட இலக்கம் 10910 நிலஅளவைத்திட்டத்துக்கு ஏற்ப கூறப்பட்ட காணித்துண்டு 66 பரப்பளவில் பத்து பேர்ச்சஸ் (ஏ0-ஆர்0-பி10) அல்லது 0.0253 ஹெக்டேயரை உடையது. பிரிந்த நொத்தாரிஸ் எம். ஜீ. ஆர் புஸ்பகுமாரியால் மூலம் உறுதிப்படுத்தப்பட்ட 02.12.2016ஆம் திகதியிடப்பட்ட இலக்கம் 2203 உடைய சட்டமூலத்தின் கீழ் இந்த ஆதனம் ஈடுவைக்கப்பட்டுள்ளது.
25. மேல்மாகாணம் கம்பஹா மாவட்டத்தில் சியனே கோரளையின் உடுகஹ பற்றுவில் அத்தனகல பிரதேச சபை பிரதேச எல்லைக்குள் அத்தனகல பிரதேச செயலாளரின் பிரிவிற்குள் இலக்கம் 362 பெம்பிட்ட கிராம உத்தியோகத்தரின் பிரிவிற்குள் பெம்பிட்ட கிராமத்தில் அமைந்துள்ள புலக்கந்த எனக் கூறப்படும் காணியின் ஒரு பிரிவுக் கூறு ஜே.பீ.என் நவரத்தினம் தயாரிக்கப்பட்ட 2015 ஜூலை 19ஆம் திகதியிடப்பட்ட இலக்கம் 10910 உடைய நிலஅளவைத் திட்டத்தின் காணித்துண்டு இலக்கம் 67 எனக் குறித்துக் காட்டப்பட்ட அனைத்துப் பிரிக்கப்பட்ட மற்றும் எல்லை வரையறுக்கப்பட்ட காணிப்பகுதி.
கூறப்பட்ட இலக்கம் 10910 நிலஅளவைத்திட்டத்துக்கு ஏற்ப கூறப்பட்ட காணித்துண்டு 67 பரப்பளவில் பத்து தசம் பூச்சியம் ஒன்று பேர்ச்சஸ் (ஏ0-ஆர்0-பி10.01) அல்லது 0.0253 ஹெக்டேயரை உடையது. பிரிந்த நொத்தாரிஸ் எம். ஜீ. ஆர் புஸ்பகுமாரியால் மூலம் உறுதிப்படுத்தப்பட்ட 02.12.2016ஆம் திகதியிடப்பட்ட இலக்கம் 2204 உடைய சட்டமூலத்தின் கீழ் இந்த ஆதனம் ஈடுவைக்கப்பட்டுள்ளது.
26. மேல்மாகாணம் கம்பஹா மாவட்டத்தில் சியனே கோரளையின் உடுகஹ பற்றுவில் அத்தனகல பிரதேச சபை பிரதேச எல்லைக்குள் அத்தனகல பிரதேச செயலாளரின் பிரிவிற்குள் இலக்கம் 362 பெம்பிட்ட கிராம உத்தியோகத்தரின் பிரிவிற்குள் பெம்பிட்ட கிராமத்தில் அமைந்துள்ள புலக்கந்த எனக் கூறப்படும் காணியின் ஒரு பிரிவுக் கூறு ஜே.பீ.என் நவரத்தினம் தயாரிக்கப்பட்ட 2015 ஜூலை 19ஆம் திகதியிடப்பட்ட இலக்கம் 10910 உடைய நிலஅளவைத் திட்டத்தின் காணித்துண்டு இலக்கம் 68 எனக் குறித்துக் காட்டப்பட்ட அனைத்துப் பிரிக்கப்பட்ட மற்றும் எல்லை வரையறுக்கப்பட்ட காணிப்பகுதி.
கூறப்பட்ட இலக்கம் 10910 நிலஅளவைத்திட்டத்துக்கு ஏற்ப கூறப்பட்ட காணித்துண்டு 68 பரப்பளவில் பத்து பேர்ச்சஸ் (ஏ0-ஆர்0-பி10) அல்லது 0.0253 ஹெக்டேயரை உடையது. பிரிந்த நொத்தாரிஸ் எம். ஜீ. ஆர் புஸ்பகுமாரியால் மூலம் உறுதிப்படுத்தப்பட்ட 02.12.2016ஆம் திகதியிடப்பட்ட இலக்கம் 2205 உடைய சட்டமூலத்தின் கீழ் இந்த ஆதனம் ஈடுவைக்கப்பட்டுள்ளது.
27. மேல்மாகாணம் கம்பஹா மாவட்டத்தில் சியனே கோரளையின் உடுகஹ பற்றுவில் அத்தனகல பிரதேச சபை பிரதேச எல்லைக்குள் அத்தனகல பிரதேச செயலாளரின் பிரிவிற்குள் இலக்கம் 362 பெம்பிட்ட கிராம உத்தியோகத்தரின் பிரிவிற்குள் பெம்பிட்ட கிராமத்தில் அமைந்துள்ள புலக்கந்த எனக் கூறப்படும் காணியின் ஒரு பிரிவுக் கூறு ஜே.பீ.என் நவரத்தினம் தயாரிக்கப்பட்ட 2015 ஜூலை 19ஆம் திகதியிடப்பட்ட இலக்கம் 10910 உடைய நிலஅளவைத் திட்டத்தின் காணித்துண்டு இலக்கம் 72 எனக் குறித்துக் காட்டப்பட்ட அனைத்துப் பிரிக்கப்பட்ட மற்றும் எல்லை வரையறுக்கப்பட்ட காணிப்பகுதி.
கூறப்பட்ட இலக்கம் 10910 நிலஅளவைத்திட்டத்துக்கு ஏற்ப கூறப்பட்ட காணித்துண்டு 72 பரப்பளவில் பத்து பேர்ச்சஸ் (ஏ0-ஆர்0-பி10) அல்லது 0.0253 ஹெக்டேயரை உடையது. பிரிந்த நொத்தாரிஸ் எம். ஜீ. ஆர் புஸ்பகுமாரியால் மூலம் உறுதிப்படுத்தப்பட்ட 02.12.2016ஆம் திகதியிடப்பட்ட இலக்கம் 2206 உடைய சட்டமூலத்தின் கீழ் இந்த ஆதனம் ஈடுவைக்கப்பட்டுள்ளது.
28. மேல்மாகாணம் கம்பஹா மாவட்டத்தில் சியனே கோரளையின் உடுகஹ பற்றுவில் அத்தனகல பிரதேச சபை பிரதேச எல்லைக்குள் அத்தனகல பிரதேச செயலாளரின் பிரிவிற்குள் இலக்கம் 362 பெம்பிட்ட கிராம உத்தியோகத்தரின் பிரிவிற்குள் பெம்பிட்ட கிராமத்தில் அமைந்துள்ள புலக்கந்த எனக் கூறப்படும் காணியின் ஒரு பிரிவுக் கூறு ஜே.பீ.என் நவரத்தினம் தயாரிக்கப்பட்ட 2015 ஜூலை 19ஆம் திகதியிடப்பட்ட இலக்கம் 10910 உடைய நிலஅளவைத் திட்டத்தின் காணித்துண்டு இலக்கம் 74 எனக் குறித்துக் காட்டப்பட்ட அனைத்துப் பிரிக்கப்பட்ட மற்றும் எல்லை வரையறுக்கப்பட்ட காணிப்பகுதி.
கூறப்பட்ட இலக்கம் 10910 நிலஅளவைத்திட்டத்துக்கு ஏற்ப கூறப்பட்ட காணித்துண்டு 74 பரப்பளவில் பத்து பேர்ச்சஸ் (ஏ0-ஆர்0-பி10) அல்லது 0.0253 ஹெக்டேயரை உடையது. பிரிந்த நொத்தாரிஸ் எம். ஜீ. ஆர் புஸ்பகுமாரியால் மூலம் உறுதிப்படுத்தப்பட்ட 02.12.2016ஆம் திகதியிடப்பட்ட இலக்கம் 2207 உடைய சட்டமூலத்தின் கீழ் இந்த ஆதனம் ஈடுவைக்கப்பட்டுள்ளது.
29. மேல்மாகாணம் கம்பஹா மாவட்டத்தில் சியனே கோரளையின் உடுகஹ பற்றுவில் அத்தனகல பிரதேச சபை பிரதேச எல்லைக்குள் அத்தனகல பிரதேச செயலாளரின் பிரிவிற்குள் இலக்கம் 362 பெம்பிட்ட கிராம உத்தியோகத்தரின் பிரிவிற்குள் பெம்பிட்ட கிராமத்தில் அமைந்துள்ள புலக்கந்த எனக் கூறப்படும் காணியின் ஒரு பிரிவுக் கூறு ஜே.பீ.என் நவரத்தினம் தயாரிக்கப்பட்ட 2015 ஜூலை 19ஆம் திகதியிடப்பட்ட இலக்கம் 10910 உடைய நிலஅளவைத் திட்டத்தின் காணித்துண்டு இலக்கம் 75 எனக் குறித்துக் காட்டப்பட்ட அனைத்துப் பிரிக்கப்பட்ட மற்றும் எல்லை வரையறுக்கப்பட்ட காணிப்பகுதி.
கூறப்பட்ட இலக்கம் 10910 நிலஅளவைத்திட்டத்துக்கு ஏற்ப கூறப்பட்ட காணித்துண்டு 75 பரப்பளவில் பத்து பேர்ச்சஸ் (ஏ0-ஆர்0-பி10) அல்லது 0.0253 ஹெக்டேயரை உடையது. பிரிந்த நொத்தாரிஸ் எம். ஜீ. ஆர் புஸ்பகுமாரியால் மூலம் உறுதிப்படுத்தப்பட்ட 02.12.2016ஆம் திகதியிடப்பட்ட இலக்கம் 2208 உடைய சட்டமூலத்தின் கீழ் இந்த ஆதனம் ஈடுவைக்கப்பட்டுள்ளது.
30. மேல்மாகாணம் கம்பஹா மாவட்டத்தில் சியனே கோரளையின் உடுகஹ பற்றுவில் அத்தனகல பிரதேச சபை பிரதேச எல்லைக்குள் அத்தனகல பிரதேச செயலாளரின் பிரிவிற்குள் இலக்கம் 362 பெம்பிட்ட கிராம உத்தியோகத்தரின் பிரிவிற்குள் பெம்பிட்ட கிராமத்தில் அமைந்துள்ள புலக்கந்த எனக் கூறப்படும் காணியின் ஒரு பிரிவுக் கூறு ஜே.பீ.என் நவரத்தினம் தயாரிக்கப்பட்ட 2015 ஜூலை 19ஆம் திகதியிடப்பட்ட இலக்கம் 10910 உடைய நிலஅளவைத் திட்டத்தின் காணித்துண்டு இலக்கம் 76 எனக் குறித்துக் காட்டப்பட்ட அனைத்துப் பிரிக்கப்பட்ட மற்றும் எல்லை வரையறுக்கப்பட்ட காணிப்பகுதி.
கூறப்பட்ட இலக்கம் 10910 நிலஅளவைத்திட்டத்துக்கு ஏற்ப கூறப்பட்ட காணித்துண்டு 76 பரப்பளவில் பத்து பேர்ச்சஸ் (ஏ0-ஆர்0-பி10) அல்லது 0.0253 ஹெக்டேயரை உடையது. பிரிந்த நொத்தாரிஸ் எம். ஜீ. ஆர் புஸ்பகுமாரியால் மூலம் உறுதிப்படுத்தப்பட்ட 02.12.2016ஆம் திகதியிடப்பட்ட இலக்கம் 2209 உடைய சட்டமூலத்தின் கீழ் இந்த ஆதனம் ஈடுவைக்கப்பட்டுள்ளது.
31. மேல்மாகாணம் கம்பஹா மாவட்டத்தில் சியனே கோரளையின் உடுகஹ பற்றுவில் அத்தனகல பிரதேச சபை பிரதேச எல்லைக்குள் அத்தனகல பிரதேச செயலாளரின் பிரிவிற்குள் இலக்கம் 362 பெம்பிட்ட கிராம உத்தியோகத்தரின் பிரிவிற்குள் பெம்பிட்ட கிராமத்தில் அமைந்துள்ள புலக்கந்த எனக் கூறப்படும் காணியின் ஒரு பிரிவுக் கூறு ஜே.பீ.என் நவரத்தினம் தயாரிக்கப்பட்ட 2015 ஜூலை 19ஆம் திகதியிடப்பட்ட இலக்கம் 10910 உடைய நிலஅளவைத் திட்டத்தின் காணித்துண்டு இலக்கம் 05 எனக் குறித்துக் காட்டப்பட்ட அனைத்துப் பிரிக்கப்பட்ட மற்றும் எல்லை வரையறுக்கப்பட்ட காணிப்பகுதி.
கூறப்பட்ட இலக்கம் 10910 நிலஅளவைத்திட்டத்துக்கு ஏற்ப கூறப்பட்ட காணித்துண்டு 05 பரப்பளவில் பத்து தசம் பதினொன்று பேர்ச்சஸ் (ஏ0-ஆர்0-பி10.11) அல்லது 0.0256 ஹெக்டேயரை உடையது. பிரிந்த நொத்தாரிஸ் டீ. கருணாசேகரனால் மூலம் உறுதிப்படுத்தப்பட்ட 02.12.2016ஆம் திகதியிடப்பட்ட இலக்கம் 1848 உடைய சட்டமூலத்தின் கீழ் இந்த ஆதனம் ஈடுவைக்கப்பட்டுள்ளது.
32. மேல்மாகாணம் கம்பஹா மாவட்டத்தில் சியனே கோரளையின் உடுகஹ பற்றுவில் அத்தனகல பிரதேச சபை பிரதேச எல்லைக்குள் அத்தனகல பிரதேச செயலாளரின் பிரிவிற்குள் இலக்கம் 362 பெம்பிட்ட கிராம உத்தியோகத்தரின் பிரிவிற்குள் பெம்பிட்ட கிராமத்தில் அமைந்துள்ள புலக்கந்த எனக் கூறப்படும் காணியின் ஒரு பிரிவுக் கூறு ஜே.பீ.என் நவரத்தினம் தயாரிக்கப்பட்ட 2015 ஜூலை 19ஆம் திகதியிடப்பட்ட இலக்கம் 10910 உடைய நிலஅளவைத் திட்டத்தின் காணித்துண்டு இலக்கம் 07 எனக் குறித்துக் காட்டப்பட்ட அனைத்துப் பிரிக்கப்பட்ட மற்றும் எல்லை வரையறுக்கப்பட்ட காணிப்பகுதி.
